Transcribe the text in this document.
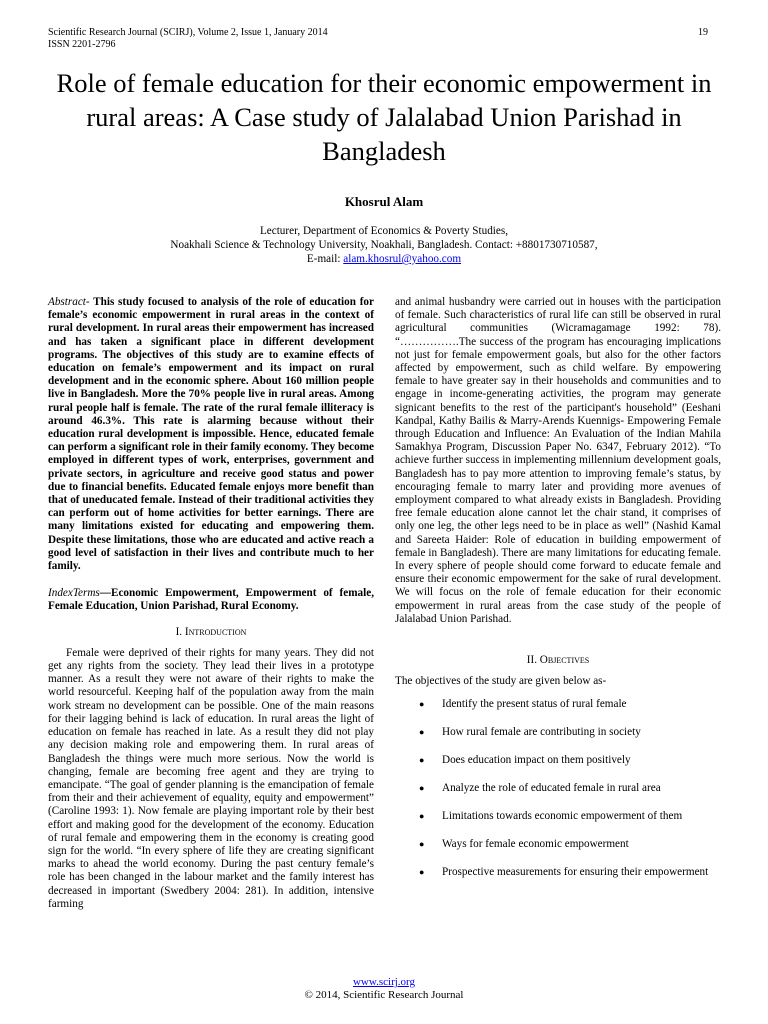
Scientific Research Journal (SCIRJ), Volume 2, Issue 1, January 2014
ISSN 2201-2796
19
Role of female education for their economic empowerment in rural areas: A Case study of Jalalabad Union Parishad in Bangladesh
Khosrul Alam
Lecturer, Department of Economics & Poverty Studies,
Noakhali Science & Technology University, Noakhali, Bangladesh. Contact: +8801730710587,
E-mail: alam.khosrul@yahoo.com
Abstract- This study focused to analysis of the role of education for female’s economic empowerment in rural areas in the context of rural development. In rural areas their empowerment has increased and has taken a significant place in different development programs. The objectives of this study are to examine effects of education on female’s empowerment and its impact on rural development and in the economic sphere. About 160 million people live in Bangladesh. More the 70% people live in rural areas. Among rural people half is female. The rate of the rural female illiteracy is around 46.3%. This rate is alarming because without their education rural development is impossible. Hence, educated female can perform a significant role in their family economy. They become employed in different types of work, enterprises, government and private sectors, in agriculture and receive good status and power due to financial benefits. Educated female enjoys more benefit than that of uneducated female. Instead of their traditional activities they can perform out of home activities for better earnings. There are many limitations existed for educating and empowering them. Despite these limitations, those who are educated and active reach a good level of satisfaction in their lives and contribute much to her family.
IndexTerms—Economic Empowerment, Empowerment of female, Female Education, Union Parishad, Rural Economy.
I. Introduction

Female were deprived of their rights for many years. They did not get any rights from the society. They lead their lives in a prototype manner. As a result they were not aware of their rights to make the world resourceful. Keeping half of the population away from the main work stream no development can be possible. One of the main reasons for their lagging behind is lack of education. In rural areas the light of education on female has reached in late. As a result they did not play any decision making role and empowering them. In rural areas of Bangladesh the things were much more serious. Now the world is changing, female are becoming free agent and they are trying to emancipate. “The goal of gender planning is the emancipation of female from their and their achievement of equality, equity and empowerment” (Caroline 1993: 1). Now female are playing important role by their best effort and making good for the development of the economy. Education of rural female and empowering them in the economy is creating good sign for the world. “In every sphere of life they are creating significant marks to ahead the world economy. During the past century female’s role has been changed in the labour market and the family interest has decreased in important (Swedbery 2004: 281). In addition, intensive farming

and animal husbandry were carried out in houses with the participation of female. Such characteristics of rural life can still be observed in rural agricultural communities (Wicramagamage 1992: 78). “…………….The success of the program has encouraging implications not just for female empowerment goals, but also for the other factors affected by empowerment, such as child welfare. By empowering female to have greater say in their households and communities and to engage in income-generating activities, the program may generate signicant benefits to the rest of the participant's household” (Eeshani Kandpal, Kathy Bailis & Marry-Arends Kuennigs- Empowering Female through Education and Influence: An Evaluation of the Indian Mahila Samakhya Program, Discussion Paper No. 6347, February 2012). “To achieve further success in implementing millennium development goals, Bangladesh has to pay more attention to improving female’s status, by encouraging female to marry later and providing more avenues of employment compared to what already exists in Bangladesh. Providing free female education alone cannot let the chair stand, it comprises of only one leg, the other legs need to be in place as well” (Nashid Kamal and Sareeta Haider: Role of education in building empowerment of female in Bangladesh). There are many limitations for educating female. In every sphere of people should come forward to educate female and ensure their economic empowerment for the sake of rural development. We will focus on the role of female education for their economic empowerment in rural areas from the case study of the people of Jalalabad Union Parishad.

II. Objectives

The objectives of the study are given below as-

● Identify the present status of rural female
● How rural female are contributing in society
● Does education impact on them positively
● Analyze the role of educated female in rural area
● Limitations towards economic empowerment of them
● Ways for female economic empowerment
● Prospective measurements for ensuring their empowerment
www.scirj.org
© 2014, Scientific Research Journal
